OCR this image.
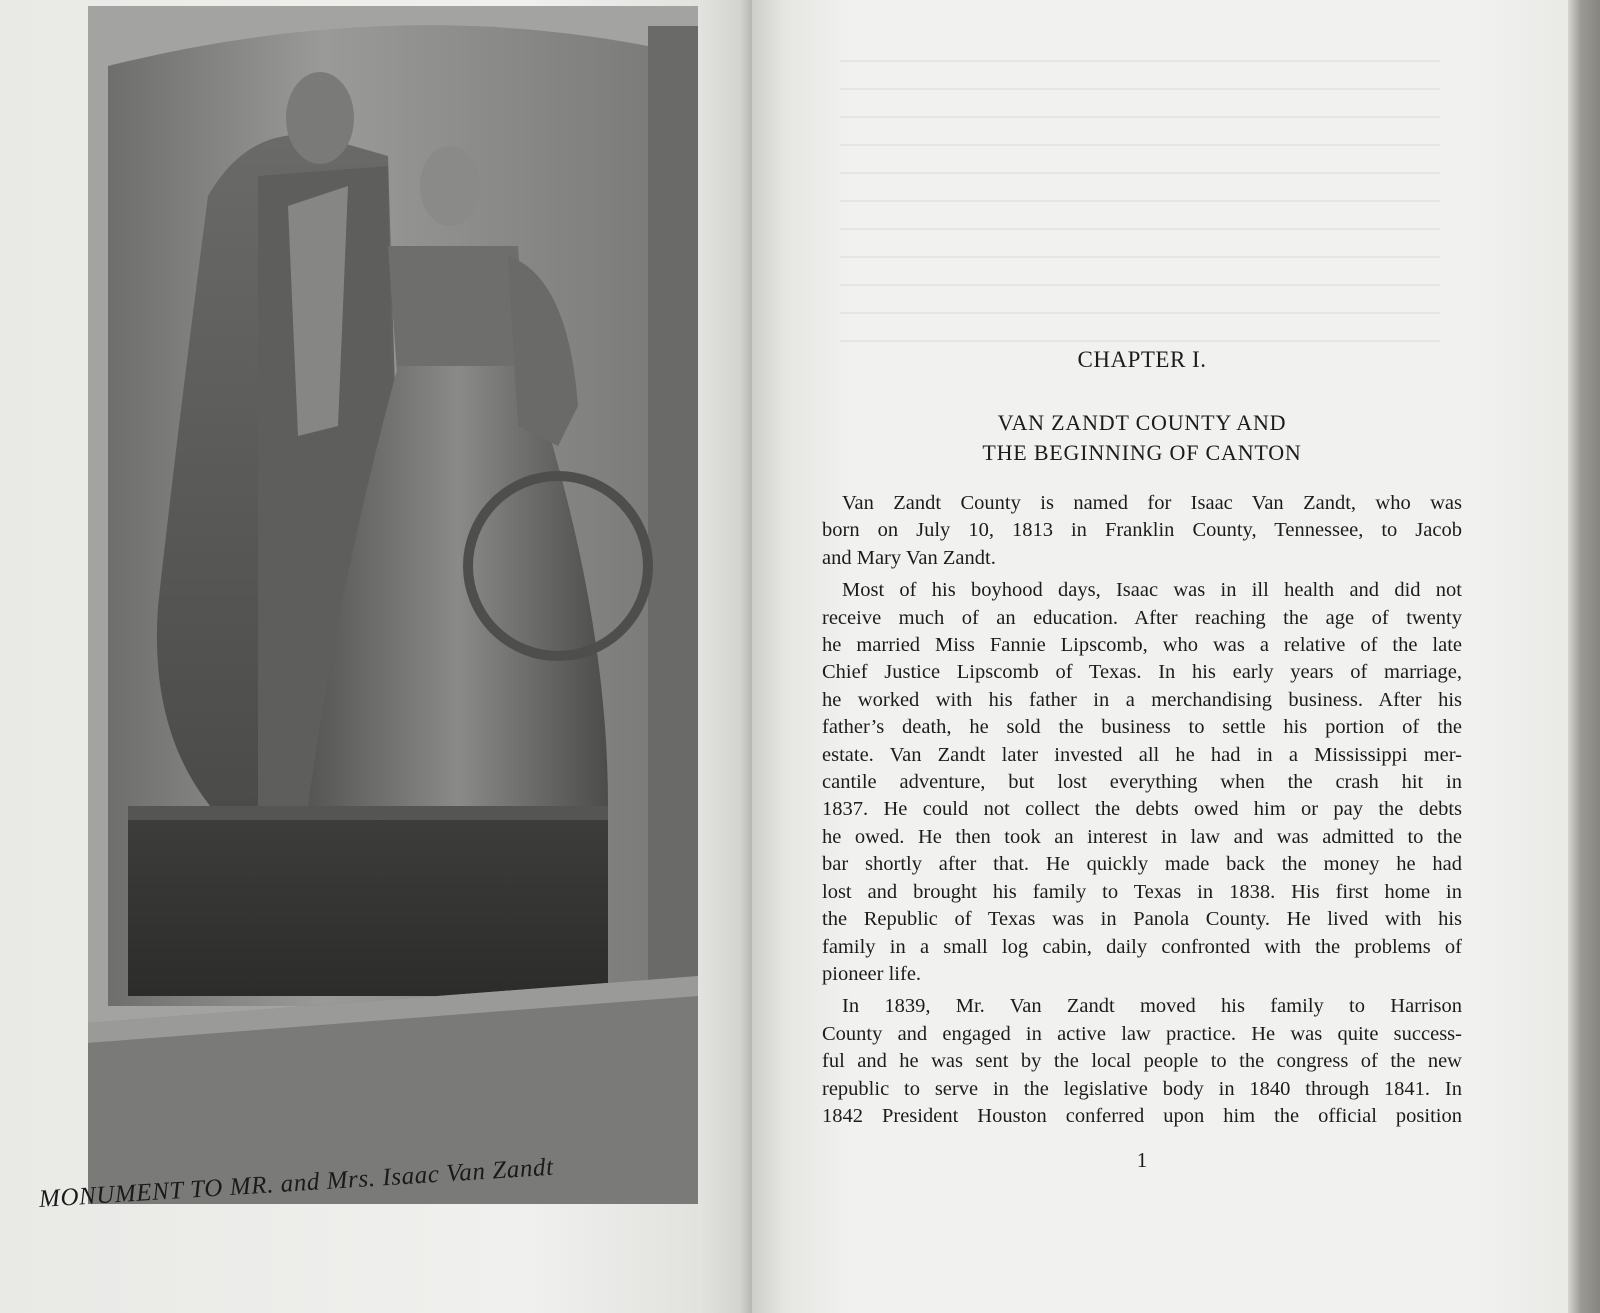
MONUMENT TO MR. and Mrs. Isaac Van Zandt
CHAPTER I.
VAN ZANDT COUNTY AND
THE BEGINNING OF CANTON

Van Zandt County is named for Isaac Van Zandt, who was
born on July 10, 1813 in Franklin County, Tennessee, to Jacob
and Mary Van Zandt.

Most of his boyhood days, Isaac was in ill health and did not
receive much of an education. After reaching the age of twenty
he married Miss Fannie Lipscomb, who was a relative of the late
Chief Justice Lipscomb of Texas. In his early years of marriage,
he worked with his father in a merchandising business. After his
father’s death, he sold the business to settle his portion of the
estate. Van Zandt later invested all he had in a Mississippi mer-
cantile adventure, but lost everything when the crash hit in
1837. He could not collect the debts owed him or pay the debts
he owed. He then took an interest in law and was admitted to the
bar shortly after that. He quickly made back the money he had
lost and brought his family to Texas in 1838. His first home in
the Republic of Texas was in Panola County. He lived with his
family in a small log cabin, daily confronted with the problems of
pioneer life.

In 1839, Mr. Van Zandt moved his family to Harrison
County and engaged in active law practice. He was quite success-
ful and he was sent by the local people to the congress of the new
republic to serve in the legislative body in 1840 through 1841. In
1842 President Houston conferred upon him the official position

1
